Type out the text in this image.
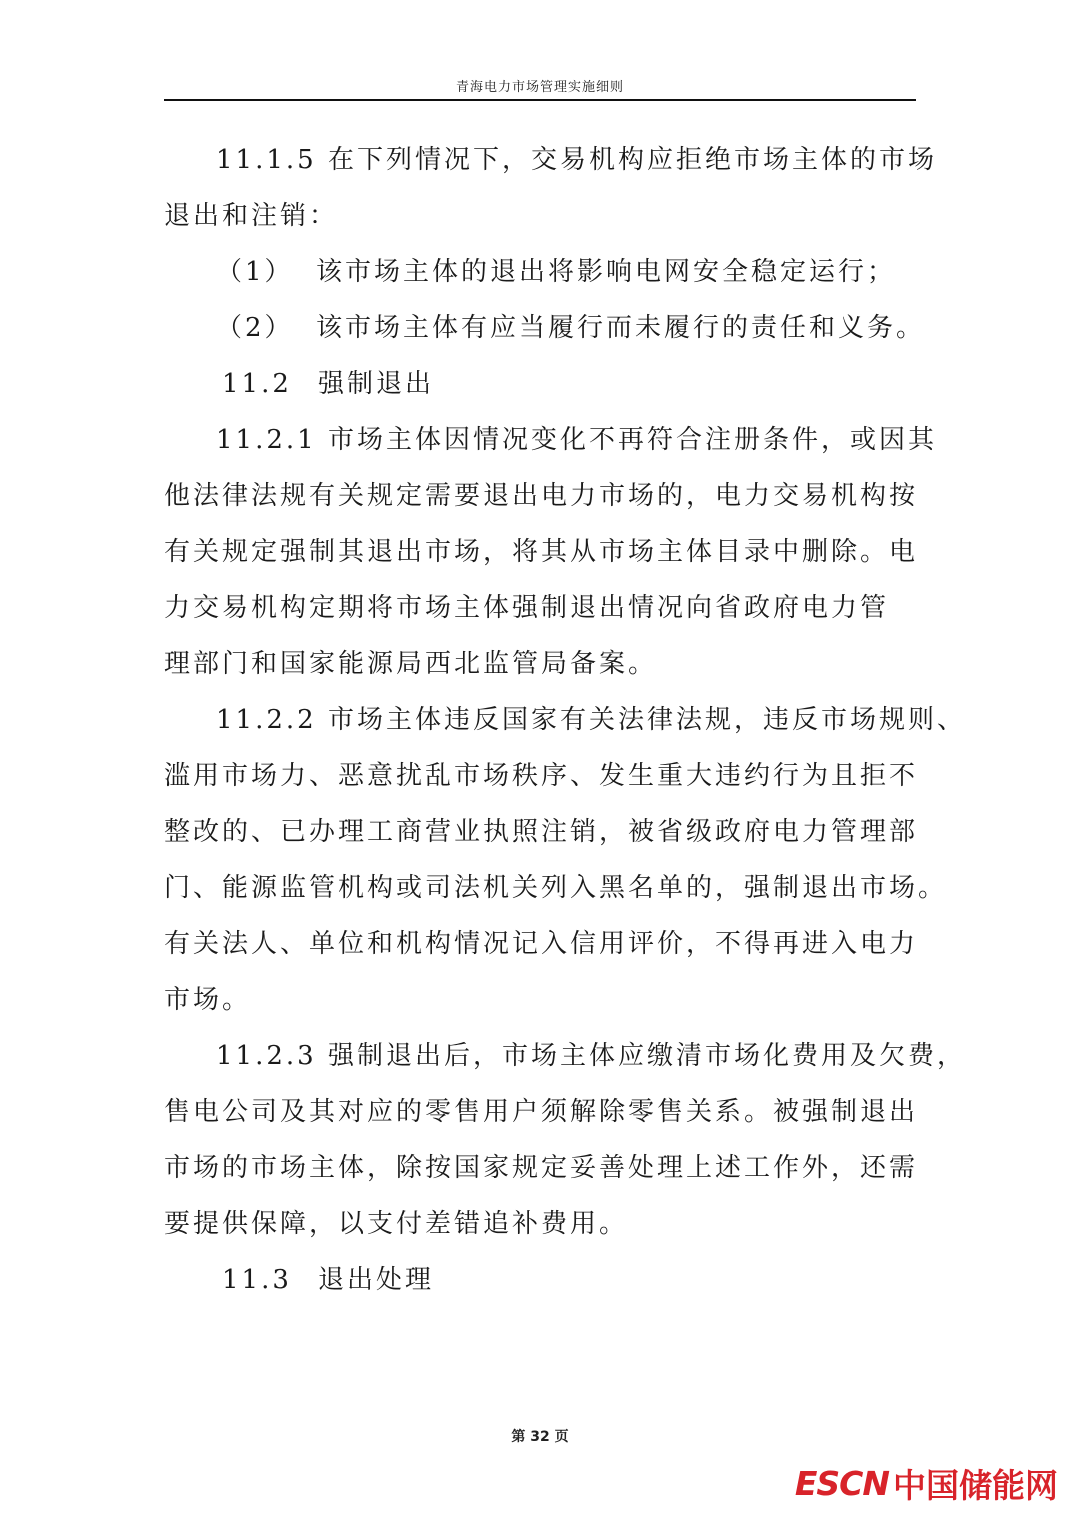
青海电力市场管理实施细则
11.1.5 在下列情况下，交易机构应拒绝市场主体的市场
退出和注销：
（1） 该市场主体的退出将影响电网安全稳定运行；
（2） 该市场主体有应当履行而未履行的责任和义务。
11.2 强制退出
11.2.1 市场主体因情况变化不再符合注册条件，或因其
他法律法规有关规定需要退出电力市场的，电力交易机构按
有关规定强制其退出市场，将其从市场主体目录中删除。电
力交易机构定期将市场主体强制退出情况向省政府电力管
理部门和国家能源局西北监管局备案。
11.2.2 市场主体违反国家有关法律法规，违反市场规则、
滥用市场力、恶意扰乱市场秩序、发生重大违约行为且拒不
整改的、已办理工商营业执照注销，被省级政府电力管理部
门、能源监管机构或司法机关列入黑名单的，强制退出市场。
有关法人、单位和机构情况记入信用评价，不得再进入电力
市场。
11.2.3 强制退出后，市场主体应缴清市场化费用及欠费，
售电公司及其对应的零售用户须解除零售关系。被强制退出
市场的市场主体，除按国家规定妥善处理上述工作外，还需
要提供保障，以支付差错追补费用。
11.3 退出处理
第 32 页
ESCN 中国储能网
